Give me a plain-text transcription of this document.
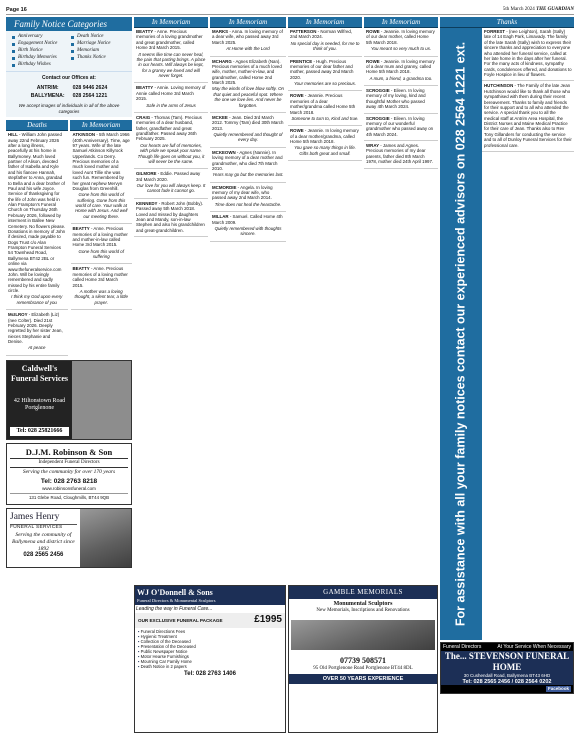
Page 16	5th March 2024 THE GUARDIAN
Family Notice Categories
Anniversary	Death Notice
Engagement Notice	Marriage Notice
Birth Notice	Memoriam
Birthday Memories	Thanks Notice
Birthday Wishes
Contact our Offices at:
ANTRIM:	028 9446 2624
BALLYMENA:	028 2564 1221
We accept images of individuals in all of the above categories
Deaths	In Memoriam

HILL - William John passed away 22nd February 2026 after a long illness, peacefully at his home in Ballymoney. Much loved partner of Alison, devoted father of Isabella and Kyle and his fiancee Hannah, stepfather to Anna, grandad to Bella and a dear brother of Paul and his wife Joyce. Service of thanksgiving for the life of John was held in Alan Frampton's Funeral Church on Thursday 26th February 2026, followed by interment in Ballee New Cemetery. No flowers please. Donations in memory of John if desired, made payable to Dogs Trust c/o Alan Frampton Funeral Services 54 Townhead Road, Ballymena BT42 2BL or online via www.thefuneralservice.com John. Will be lovingly remembered and sadly missed by his entire family circle.

I think my God upon every remembrance of you

McILROY - Elizabeth (Liz) (nee Colter). Died 21st February 2026. Deeply regretted by her sister Jean, nieces Stephanie and Denise.

At peace

ATKINSON - 5th March 1966 (40th Anniversary). Time, age 97 years. Wife of the late Samuel Atkinson Killyrock Upperlands. Co Derry. Precious memories of a much loved mother and loved Aunt Tillie she was such fun. Remembered by her great nephew Mervyn Douglas from Greenhill.

Gone from this world of suffering. Gone from this world of care. Your walk at Home with Jesus. And well our meeting there.

BEATTY - Anne. Precious memories of a loving mother and mother-in-law called Home 3rd March 2015.

Gone from this world of suffering

BEATTY - Anne. Precious memories of a loving mother called Home 3rd March 2015.

A mother was a loving thought, a silent tear, a little prayer.
Caldwell's Funeral Services
42 Hiltonstown Road Portglenone
Tel: 028 25821666
D.J.M. Robinson & Son
Independent Funeral Directors
Serving the community for over 170 years
Tel: 028 2763 8218
www.robinsonsfuneral.com
131 Glebe Road, Cloughmills, BT44 9QB
James Henry
FUNERAL SERVICES
Serving the community of Ballymena and district since 1892
028 2565 2456
In Memoriam

BEATTY - Anne. Precious memories of a loving grandmother and great grandmother, called Home 3rd March 2015.

It seems like time can never heal, the pain that parting brings. A place in our hearts. Will always be kept, for a granny we loved and will never forget.

BEATTY - Annie. Loving memory of Annie called Home 3rd March 2015.

Safe in the arms of Jesus

CRAIG - Thomas (Tam). Precious memories of a dear husband, father, grandfather and great grandfather. Passed away 26th February 2025.

Our hearts are full of memories, with pride we speak your name. Though life goes on without you, it will never be the same.

GILMORE - Eddie. Passed away 3rd March 2020.

Our love for you will always keep. It cannot fade it cannot go.

KENNEDY - Robert John (Bobby). Passed away 5th March 2018. Loved and missed by daughters Jean and Mandy, son-in-law Stephen and also his grandchildren and great-grandchildren.

In Memoriam

MARKS - Anna. In loving memory of a dear wife, who passed away 3rd March 2025.

At Home with the Lord

MCHARG - Agnes Elizabeth (Nan). Precious memories of a much loved wife, mother, mother-in-law, and grandmother, called Home 2nd March 2025.

May the winds of love blow softly. On that quiet and peaceful spot. Where the one we love lies. And never be forgotten.

MCKEE - Jean. Died 3rd March 2012. Tommy (Tam) died 30th March 2013.

Quietly remembered and thought of every day.

MCKEOWN - Agnes (Nannie). In loving memory of a dear mother and grandmother, who died 7th March 2010.

Years may go but the memories last.

MCMORDIE - Angela. In loving memory of my dear wife, who passed away 2nd March 2014.

Time does not heal the heartache.

MILLAR - Samuel. Called Home 4th March 2009.

Quietly remembered with thoughts sincere.
In Memoriam

PATTERSON - Norman Wilfred, 2nd March 2024.

No special day is needed, for me to think of you.

PRENTICE - Hugh. Precious memories of our dear father and mother, passed away 2nd March 2020.

Your memories are so precious.

ROWE - Jeannie. Precious memories of a dear mother/grandma called Home 5th March 2018.

Someone to turn to, Kind and true.

ROWE - Jeannie. In loving memory of a dear mother/grandma, called Home 5th March 2018.

You gave so many things in life. Gifts both great and small.
In Memoriam

ROWE - Jeannie. In loving memory of our dear mother, called Home 5th March 2018.

You meant so very much to us.

ROWE - Jeannie. In loving memory of a dear mum and granny, called Home 5th March 2018.

A mum, a friend, a grandma too.

SCROGGIE - Eileen. In loving memory of my loving, kind and thoughtful Mother who passed away 4th March 2024.

SCROGGIE - Eileen. In loving memory of our wonderful grandmother who passed away on 4th March 2024.

WRAY - James and Agnes. Precious memories of my dear parents, father died 8th March 1978, mother died 24th April 1997.

WJ O'Donnell & Sons
Funeral Directors & Monumental Sculptors
Leading the way in Funeral Care...
OUR EXCLUSIVE FUNERAL PACKAGE	£1995
▪ Funeral Directions Fees
▪ Hygienic Treatment
▪ Collection of the Deceased
▪ Presentation of the Deceased
▪ Public Newspaper Notice
▪ Motor Hearse Furnishings
▪ Mourning Car Family Home
▪ Death Notice in 2 papers
Tel: 028 2763 1406
GAMBLE MEMORIALS
Monumental Sculptors
New Memorials, Inscriptions and Renovations
07739 508571
95 Old Portglenone Road Portglenone BT44 8DL
OVER 50 YEARS EXPERIENCE
Thanks
For assistance with all your family notices contact our experienced advisors on 028 2564 1221 ext.

FORREST - (nee Leighton), Sarah (Sally) late of 14 Eagh Park, Limavady. The family of the late Sarah (Sally) wish to express their sincere thanks and appreciation to everyone who attended her funeral service, called at her late home in the days after her funeral. For the many acts of kindness, sympathy cards, condolences offered, and donations to Foyle Hospice in lieu of flowers.

HUTCHINSON - The Family of the late Jean Hutchinson would like to thank all those who sympathised with them during their recent bereavement. Thanks to family and friends for their support and to all who attended the service. A special thank you to all the medical staff at Antrim Area Hospital, the District Nurses and Maine Medical Practice for their care of Jean. Thanks also to Rev Tony Gillanders for conducting the service and to all of Dunloy Funeral Services for their professional care.

Funeral Directors	At Your Service When Necessary
The... STEVENSON FUNERAL HOME
30 Cushendall Road, Ballymena BT43 6HD
Tel: 028 2565 2456 / 028 2564 0202
Facebook
